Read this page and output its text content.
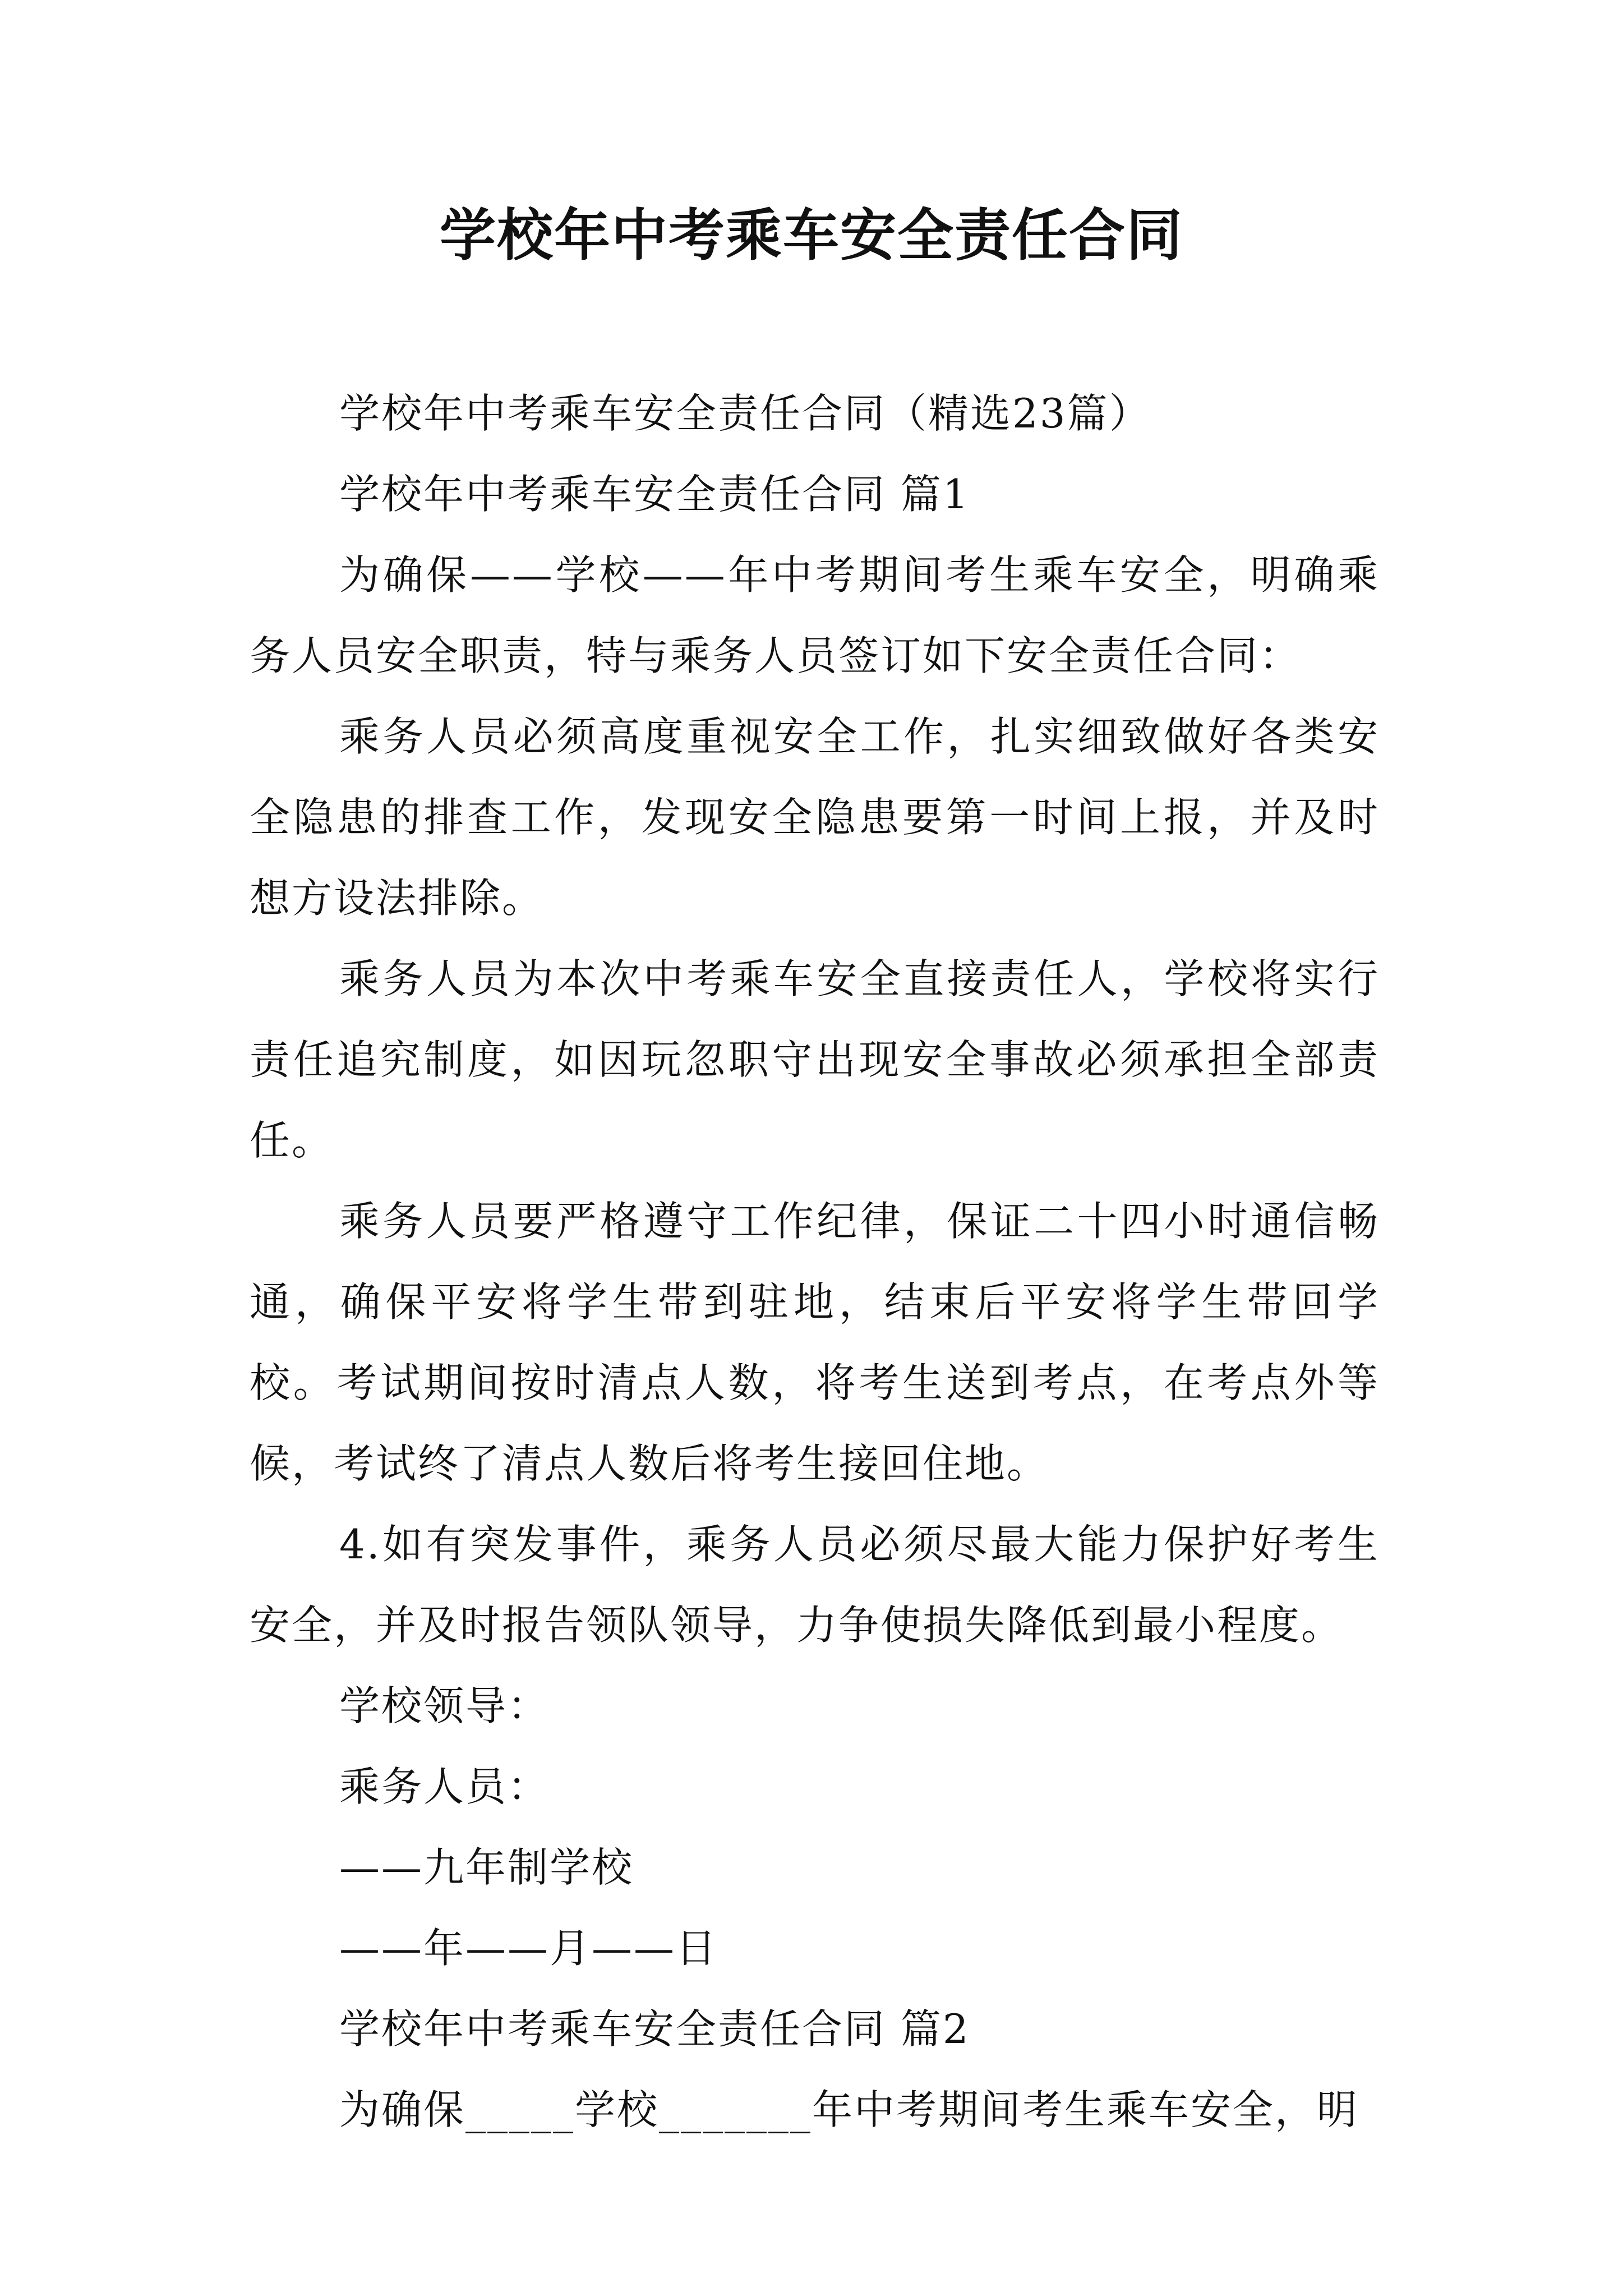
学校年中考乘车安全责任合同

学校年中考乘车安全责任合同（精选23篇）

学校年中考乘车安全责任合同 篇1

为确保——学校——年中考期间考生乘车安全，明确乘务人员安全职责，特与乘务人员签订如下安全责任合同：

乘务人员必须高度重视安全工作，扎实细致做好各类安全隐患的排查工作，发现安全隐患要第一时间上报，并及时想方设法排除。

乘务人员为本次中考乘车安全直接责任人，学校将实行责任追究制度，如因玩忽职守出现安全事故必须承担全部责任。

乘务人员要严格遵守工作纪律，保证二十四小时通信畅通，确保平安将学生带到驻地，结束后平安将学生带回学校。考试期间按时清点人数，将考生送到考点，在考点外等候，考试终了清点人数后将考生接回住地。

4.如有突发事件，乘务人员必须尽最大能力保护好考生安全，并及时报告领队领导，力争使损失降低到最小程度。

学校领导：

乘务人员：

——九年制学校

——年——月——日

学校年中考乘车安全责任合同 篇2

为确保_____学校_______年中考期间考生乘车安全，明
